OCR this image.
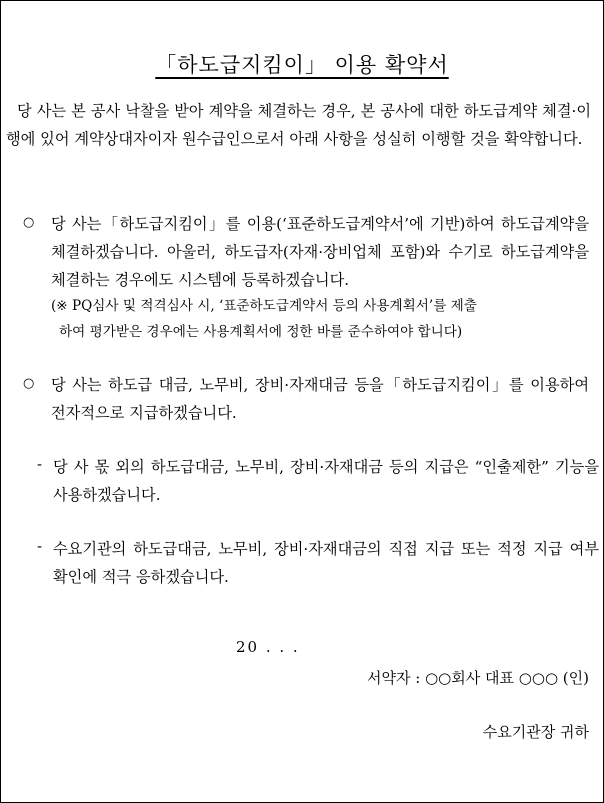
「하도급지킴이」 이용 확약서
당 사는 본 공사 낙찰을 받아 계약을 체결하는 경우, 본 공사에 대한 하도급계약 체결·이행에 있어 계약상대자이자 원수급인으로서 아래 사항을 성실히 이행할 것을 확약합니다.
○ 당 사는「하도급지킴이」를 이용(‘표준하도급계약서’에 기반)하여 하도급계약을 체결하겠습니다. 아울러, 하도급자(자재·장비업체 포함)와 수기로 하도급계약을 체결하는 경우에도 시스템에 등록하겠습니다.
(※ PQ심사 및 적격심사 시, ‘표준하도급계약서 등의 사용계획서’를 제출
하여 평가받은 경우에는 사용계획서에 정한 바를 준수하여야 합니다)
○ 당 사는 하도급 대금, 노무비, 장비·자재대금 등을「하도급지킴이」를 이용하여 전자적으로 지급하겠습니다.
- 당 사 몫 외의 하도급대금, 노무비, 장비·자재대금 등의 지급은 “인출제한” 기능을 사용하겠습니다.
- 수요기관의 하도급대금, 노무비, 장비·자재대금의 직접 지급 또는 적정 지급 여부 확인에 적극 응하겠습니다.
20 . . .
서약자 : ○○회사 대표 ○○○ (인)
수요기관장 귀하
